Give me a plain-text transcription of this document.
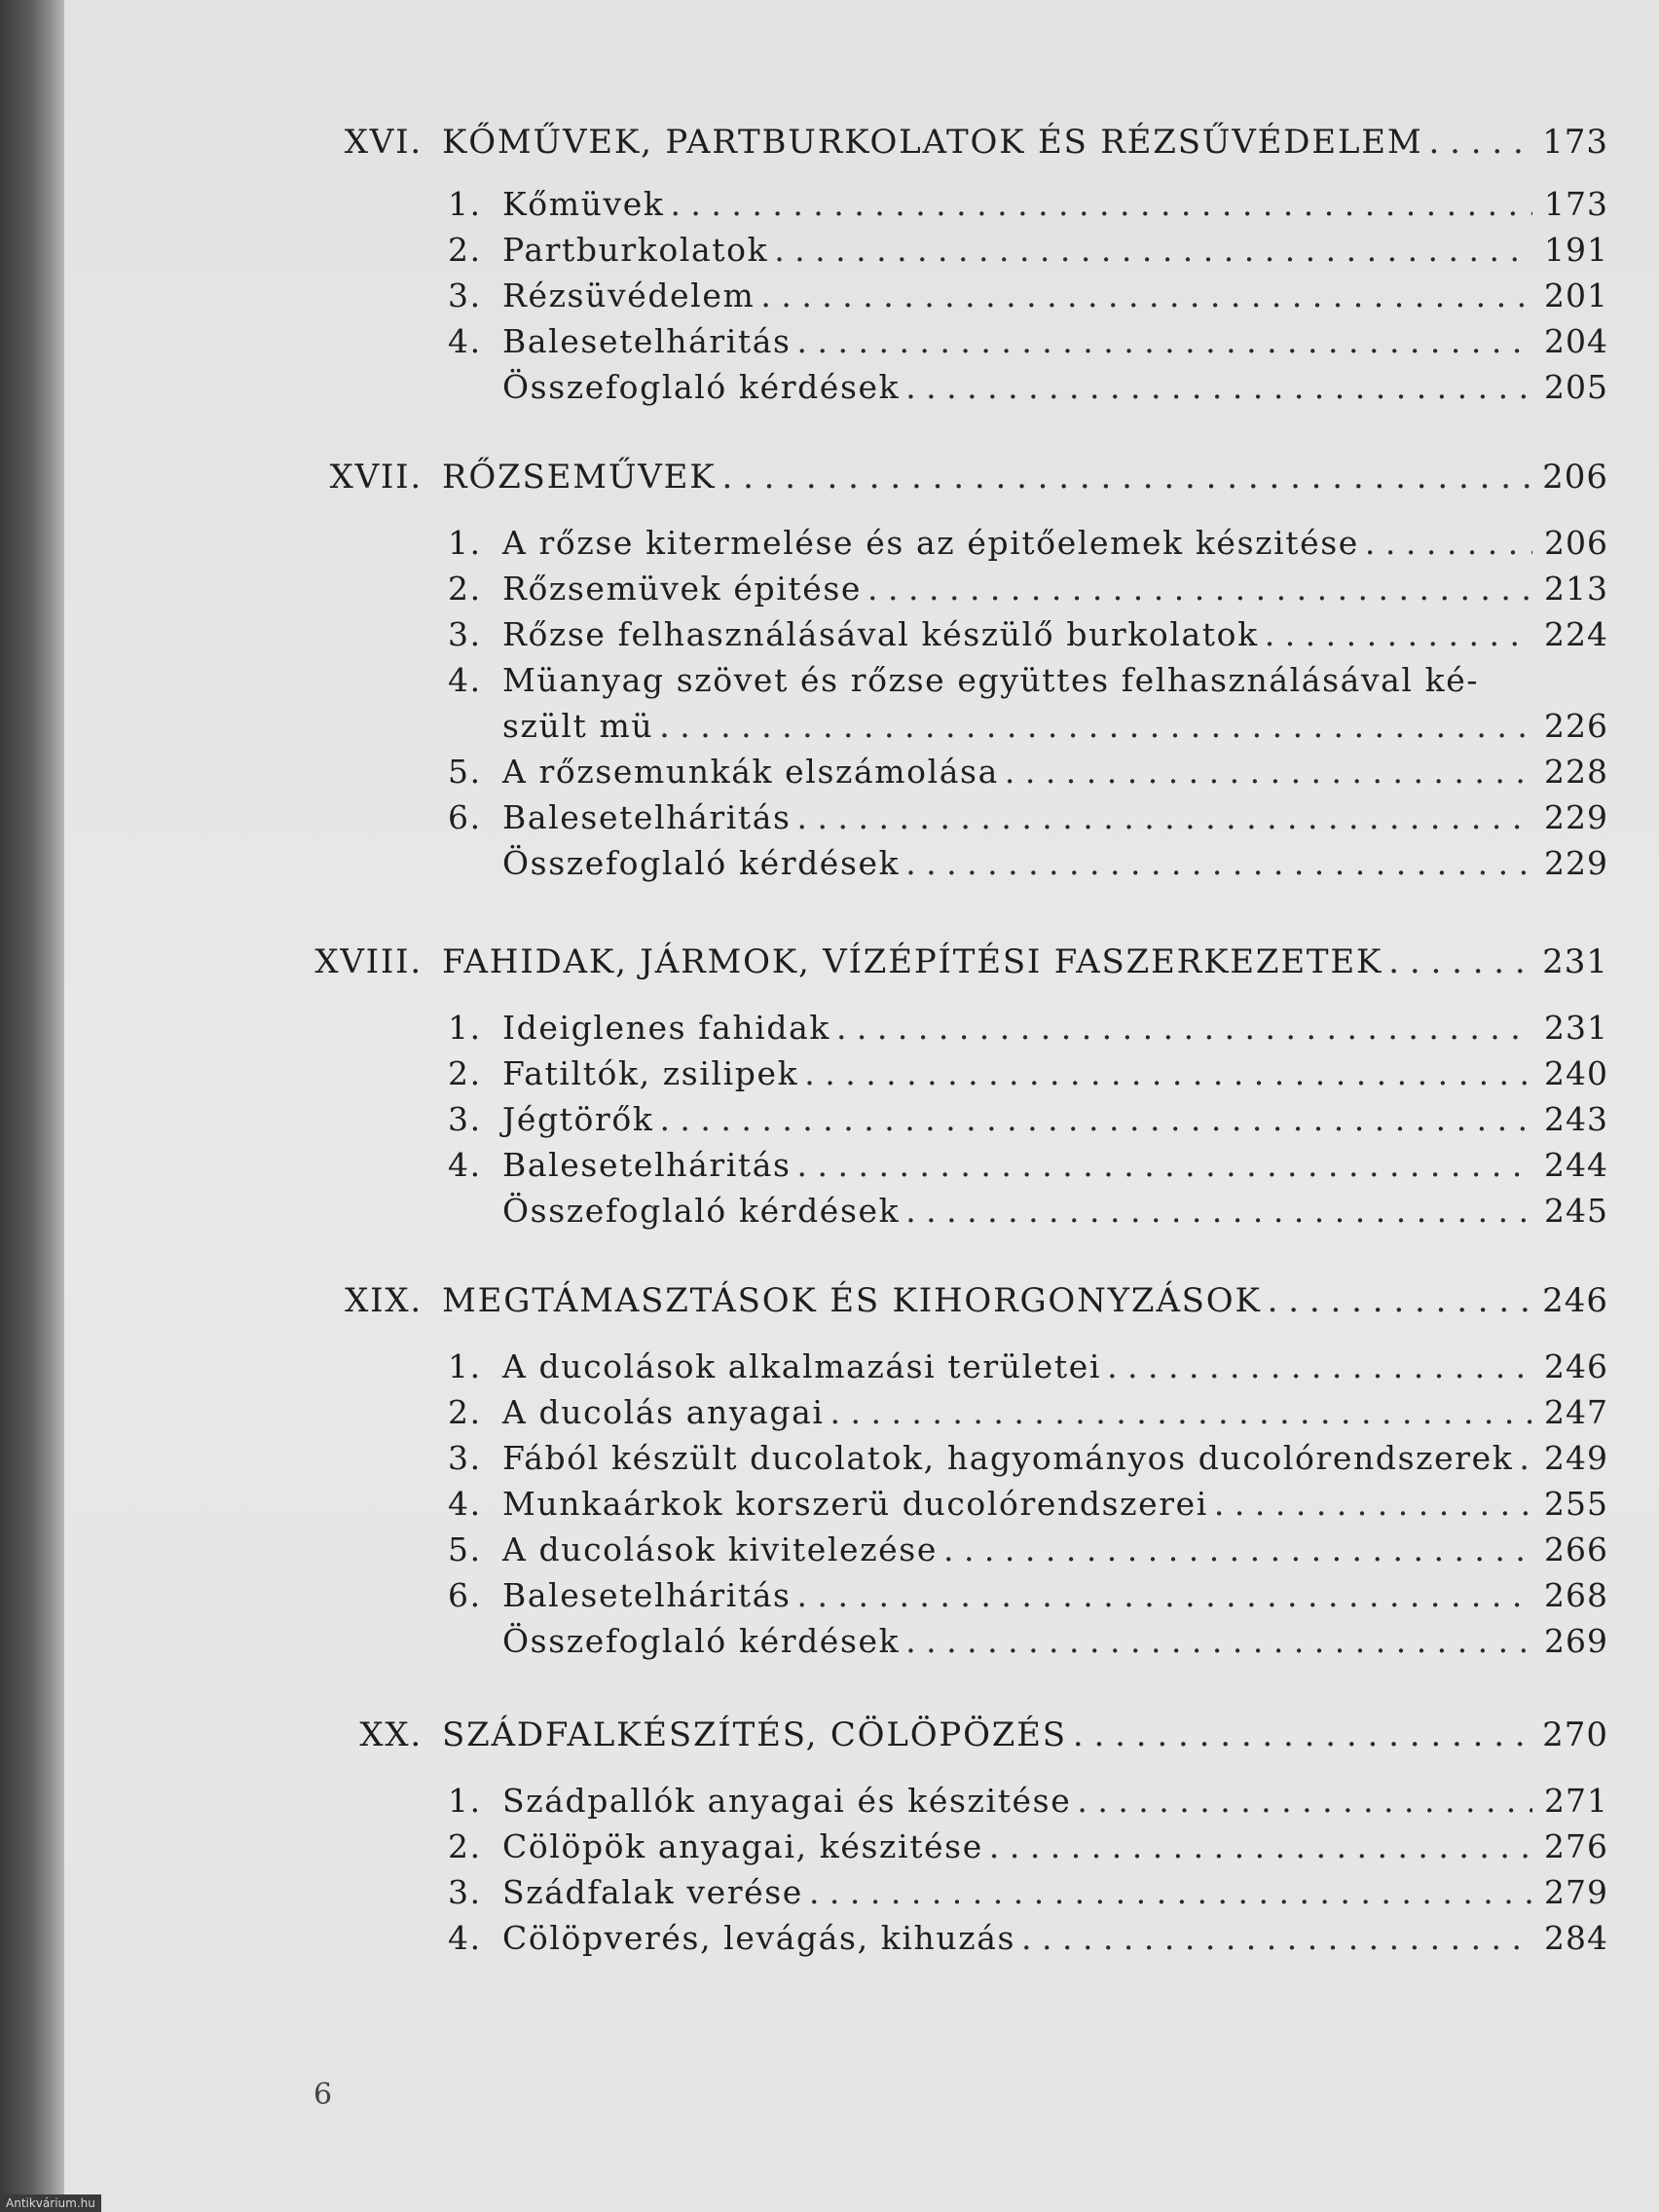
XVI. KŐMŰVEK, PARTBURKOLATOK ÉS RÉZSŰVÉDELEM . . .	173
1. Kőmüvek . . .	173
2. Partburkolatok . . .	191
3. Rézsüvédelem . . .	201
4. Balesetelháritás . . .	204
Összefoglaló kérdések . . .	205
XVII. RŐZSEMŰVEK . . .	206
1. A rőzse kitermelése és az épitőelemek készitése . . .	206
2. Rőzsemüvek épitése . . .	213
3. Rőzse felhasználásával készülő burkolatok . . .	224
4. Müanyag szövet és rőzse együttes felhasználásával ké-
szült mü . . .	226
5. A rőzsemunkák elszámolása . . .	228
6. Balesetelháritás . . .	229
Összefoglaló kérdések . . .	229
XVIII. FAHIDAK, JÁRMOK, VÍZÉPÍTÉSI FASZERKEZETEK . . .	231
1. Ideiglenes fahidak . . .	231
2. Fatiltók, zsilipek . . .	240
3. Jégtörők . . .	243
4. Balesetelháritás . . .	244
Összefoglaló kérdések . . .	245
XIX. MEGTÁMASZTÁSOK ÉS KIHORGONYZÁSOK . . .	246
1. A ducolások alkalmazási területei . . .	246
2. A ducolás anyagai . . .	247
3. Fából készült ducolatok, hagyományos ducolórendszerek . . . 249
4. Munkaárkok korszerü ducolórendszerei . . .	255
5. A ducolások kivitelezése . . .	266
6. Balesetelháritás . . .	268
Összefoglaló kérdések . . .	269
XX. SZÁDFALKÉSZÍTÉS, CÖLÖPÖZÉS . . .	270
1. Szádpallók anyagai és készitése . . .	271
2. Cölöpök anyagai, készitése . . .	276
3. Szádfalak verése . . .	279
4. Cölöpverés, levágás, kihuzás . . .	284
6
Antikvárium.hu
